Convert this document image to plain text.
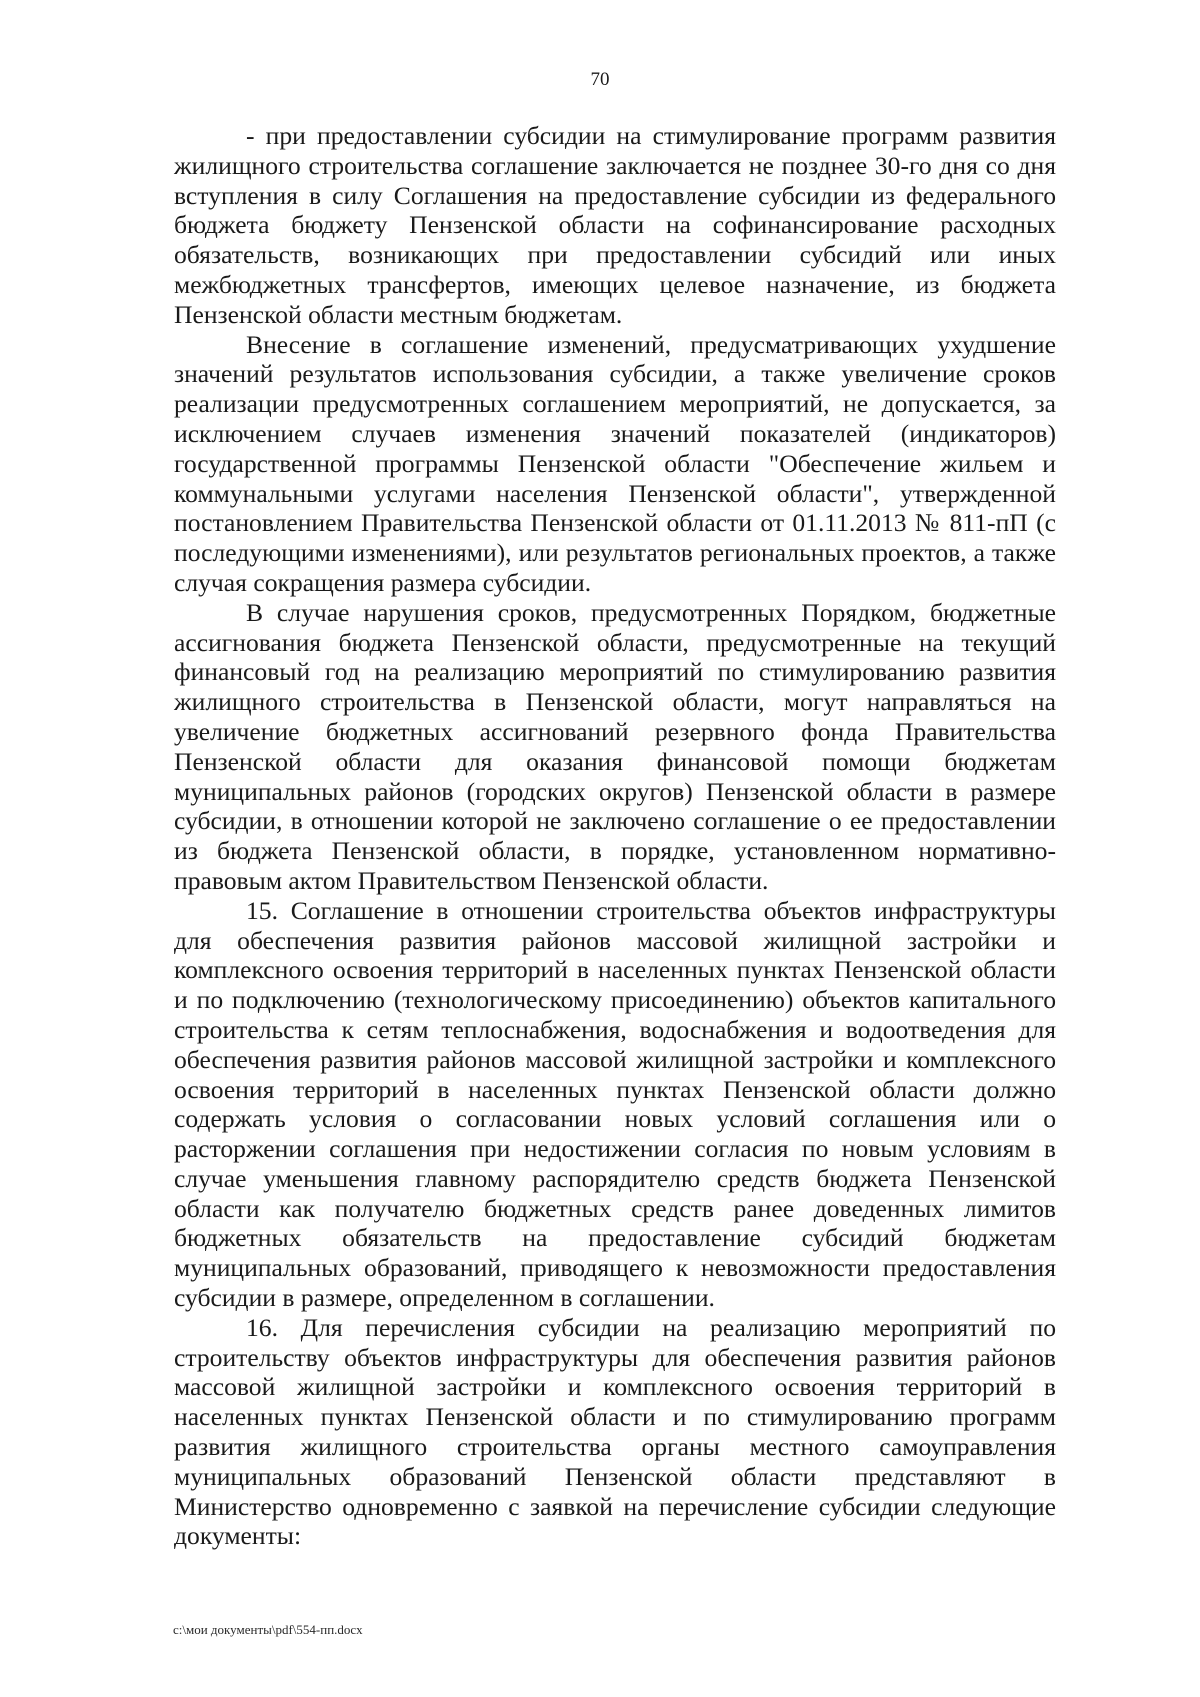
70

- при предоставлении субсидии на стимулирование программ развития жилищного строительства соглашение заключается не позднее 30-го дня со дня вступления в силу Соглашения на предоставление субсидии из федерального бюджета бюджету Пензенской области на софинансирование расходных обязательств, возникающих при предоставлении субсидий или иных межбюджетных трансфертов, имеющих целевое назначение, из бюджета Пензенской области местным бюджетам.

Внесение в соглашение изменений, предусматривающих ухудшение значений результатов использования субсидии, а также увеличение сроков реализации предусмотренных соглашением мероприятий, не допускается, за исключением случаев изменения значений показателей (индикаторов) государственной программы Пензенской области "Обеспечение жильем и коммунальными услугами населения Пензенской области", утвержденной постановлением Правительства Пензенской области от 01.11.2013 № 811-пП (с последующими изменениями), или результатов региональных проектов, а также случая сокращения размера субсидии.

В случае нарушения сроков, предусмотренных Порядком, бюджетные ассигнования бюджета Пензенской области, предусмотренные на текущий финансовый год на реализацию мероприятий по стимулированию развития жилищного строительства в Пензенской области, могут направляться на увеличение бюджетных ассигнований резервного фонда Правительства Пензенской области для оказания финансовой помощи бюджетам муниципальных районов (городских округов) Пензенской области в размере субсидии, в отношении которой не заключено соглашение о ее предоставлении из бюджета Пензенской области, в порядке, установленном нормативно-правовым актом Правительством Пензенской области.

15. Соглашение в отношении строительства объектов инфраструктуры для обеспечения развития районов массовой жилищной застройки и комплексного освоения территорий в населенных пунктах Пензенской области и по подключению (технологическому присоединению) объектов капитального строительства к сетям теплоснабжения, водоснабжения и водоотведения для обеспечения развития районов массовой жилищной застройки и комплексного освоения территорий в населенных пунктах Пензенской области должно содержать условия о согласовании новых условий соглашения или о расторжении соглашения при недостижении согласия по новым условиям в случае уменьшения главному распорядителю средств бюджета Пензенской области как получателю бюджетных средств ранее доведенных лимитов бюджетных обязательств на предоставление субсидий бюджетам муниципальных образований, приводящего к невозможности предоставления субсидии в размере, определенном в соглашении.

16. Для перечисления субсидии на реализацию мероприятий по строительству объектов инфраструктуры для обеспечения развития районов массовой жилищной застройки и комплексного освоения территорий в населенных пунктах Пензенской области и по стимулированию программ развития жилищного строительства органы местного самоуправления муниципальных образований Пензенской области представляют в Министерство одновременно с заявкой на перечисление субсидии следующие документы:

c:\мои документы\pdf\554-пп.docx
